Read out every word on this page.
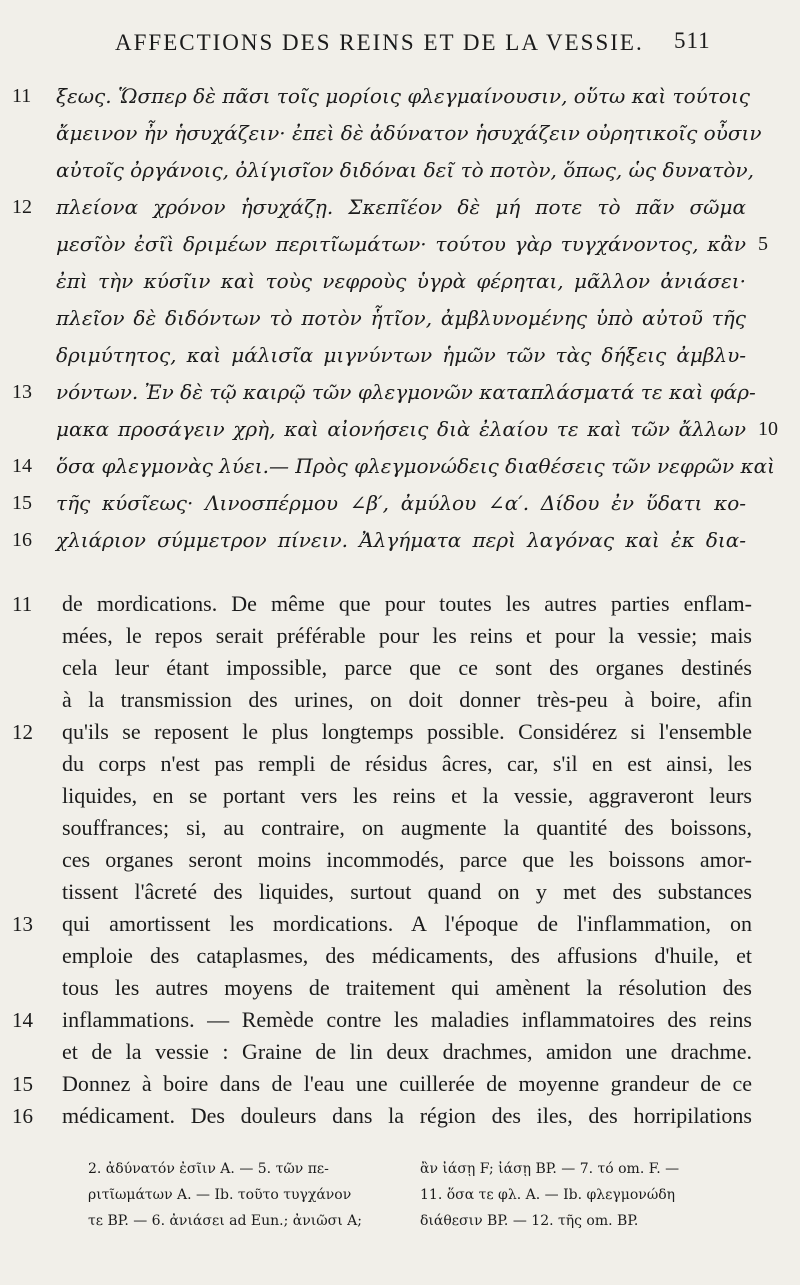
AFFECTIONS DES REINS ET DE LA VESSIE. 511
11	ξεως. Ὥσπερ δὲ πᾶσι τοῖς μορίοις φλεγμαίνουσιν, οὕτω καὶ τούτοις
ἄμεινον ἦν ἡσυχάζειν· ἐπεὶ δὲ ἀδύνατον ἡσυχάζειν οὐρητικοῖς οὖσιν
αὐτοῖς ὀργάνοις, ὀλίγισῖον διδόναι δεῖ τὸ ποτὸν, ὅπως, ὡς δυνατὸν,
12	πλείονα χρόνον ἡσυχάζῃ. Σκεπῖέον δὲ μή ποτε τὸ πᾶν σῶμα
μεσῖὸν ἐσῖὶ δριμέων περιτῖωμάτων· τούτου γὰρ τυγχάνοντος, κἂν 5
ἐπὶ τὴν κύσῖιν καὶ τοὺς νεφροὺς ὑγρὰ φέρηται, μᾶλλον ἀνιάσει·
πλεῖον δὲ διδόντων τὸ ποτὸν ἧτῖον, ἀμβλυνομένης ὑπὸ αὐτοῦ τῆς
δριμύτητος, καὶ μάλισῖα μιγνύντων ἡμῶν τῶν τὰς δήξεις ἀμβλυ-
13	νόντων. Ἐν δὲ τῷ καιρῷ τῶν φλεγμονῶν καταπλάσματά τε καὶ φάρ-
μακα προσάγειν χρὴ, καὶ αἰονήσεις διὰ ἐλαίου τε καὶ τῶν ἄλλων 10
14	ὅσα φλεγμονὰς λύει.— Πρὸς φλεγμονώδεις διαθέσεις τῶν νεφρῶν καὶ
15	τῆς κύσῖεως· Λινοσπέρμου ∠β′, ἀμύλου ∠α′. Δίδου ἐν ὕδατι κο-
16	χλιάριον σύμμετρον πίνειν. Ἀλγήματα περὶ λαγόνας καὶ ἐκ δια-
11	de mordications. De même que pour toutes les autres parties enflam-
mées, le repos serait préférable pour les reins et pour la vessie; mais
cela leur étant impossible, parce que ce sont des organes destinés
à la transmission des urines, on doit donner très-peu à boire, afin
12	qu'ils se reposent le plus longtemps possible. Considérez si l'ensemble
du corps n'est pas rempli de résidus âcres, car, s'il en est ainsi, les
liquides, en se portant vers les reins et la vessie, aggraveront leurs
souffrances; si, au contraire, on augmente la quantité des boissons,
ces organes seront moins incommodés, parce que les boissons amor-
tissent l'âcreté des liquides, surtout quand on y met des substances
13	qui amortissent les mordications. A l'époque de l'inflammation, on
emploie des cataplasmes, des médicaments, des affusions d'huile, et
tous les autres moyens de traitement qui amènent la résolution des
14	inflammations. — Remède contre les maladies inflammatoires des reins
et de la vessie : Graine de lin deux drachmes, amidon une drachme.
15	Donnez à boire dans de l'eau une cuillerée de moyenne grandeur de ce
16	médicament. Des douleurs dans la région des iles, des horripilations
2. ἀδύνατόν ἐσῖιν A. — 5. τῶν πε-
ριτῖωμάτων A. — Ib. τοῦτο τυγχάνον
τε BP. — 6. ἀνιάσει ad Eun.; ἀνιῶσι A;
ἂν ἰάσῃ F; ἰάσῃ BP. — 7. τό om. F. —
11. ὅσα τε φλ. A. — Ib. φλεγμονώδη
διάθεσιν BP. — 12. τῆς om. BP.
